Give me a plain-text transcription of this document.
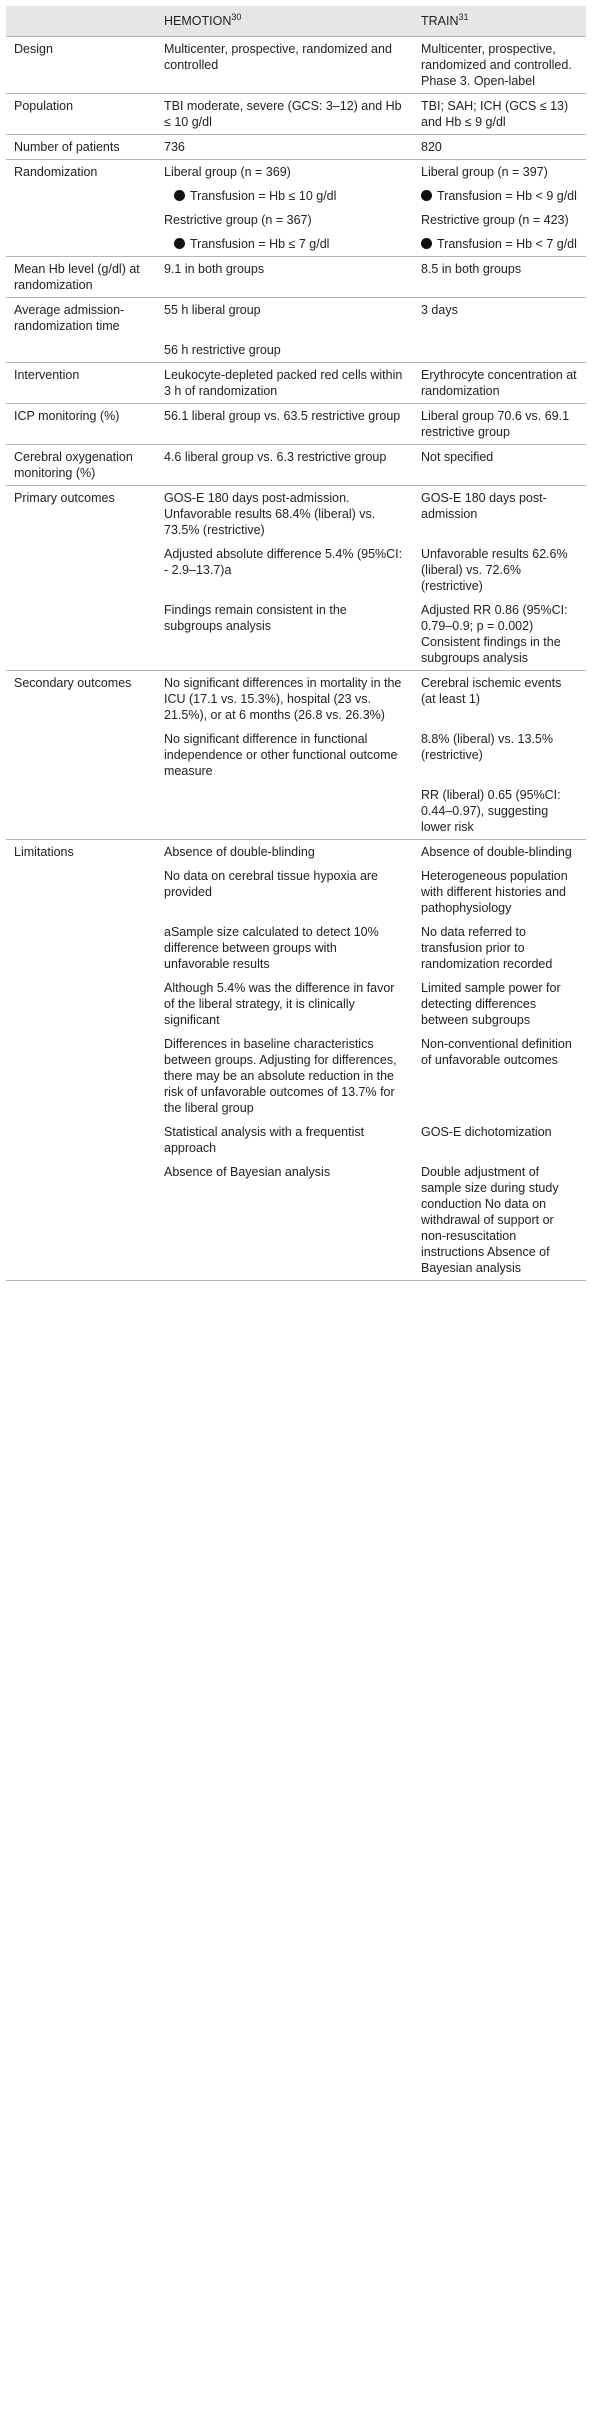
	HEMOTION$^{30}$	TRAIN$^{31}$
Design	Multicenter, prospective, randomized and controlled	Multicenter, prospective, randomized and controlled. Phase 3. Open-label
Population	TBI moderate, severe (GCS: 3–12) and Hb ≤ 10 g/dl	TBI; SAH; ICH (GCS ≤ 13) and Hb ≤ 9 g/dl
Number of patients	736	820
Randomization	Liberal group (n = 369)	Liberal group (n = 397)
	Transfusion = Hb ≤ 10 g/dl	Transfusion = Hb < 9 g/dl
	Restrictive group (n = 367)	Restrictive group (n = 423)
	Transfusion = Hb ≤ 7 g/dl	Transfusion = Hb < 7 g/dl
Mean Hb level (g/dl) at randomization	9.1 in both groups	8.5 in both groups
Average admission-randomization time	55 h liberal group	3 days
	56 h restrictive group	
Intervention	Leukocyte-depleted packed red cells within 3 h of randomization	Erythrocyte concentration at randomization
ICP monitoring (%)	56.1 liberal group vs. 63.5 restrictive group	Liberal group 70.6 vs. 69.1 restrictive group
Cerebral oxygenation monitoring (%)	4.6 liberal group vs. 6.3 restrictive group	Not specified
Primary outcomes	GOS-E 180 days post-admission. Unfavorable results 68.4% (liberal) vs. 73.5% (restrictive)	GOS-E 180 days post-admission
	Adjusted absolute difference 5.4% (95%CI: - 2.9–13.7)a	Unfavorable results 62.6% (liberal) vs. 72.6% (restrictive)
	Findings remain consistent in the subgroups analysis	Adjusted RR 0.86 (95%CI: 0.79–0.9; p = 0.002) Consistent findings in the subgroups analysis
Secondary outcomes	No significant differences in mortality in the ICU (17.1 vs. 15.3%), hospital (23 vs. 21.5%), or at 6 months (26.8 vs. 26.3%)	Cerebral ischemic events (at least 1)
	No significant difference in functional independence or other functional outcome measure	8.8% (liberal) vs. 13.5% (restrictive)
		RR (liberal) 0.65 (95%CI: 0.44–0.97), suggesting lower risk
Limitations	Absence of double-blinding	Absence of double-blinding
	No data on cerebral tissue hypoxia are provided	Heterogeneous population with different histories and pathophysiology
	aSample size calculated to detect 10% difference between groups with unfavorable results	No data referred to transfusion prior to randomization recorded
	Although 5.4% was the difference in favor of the liberal strategy, it is clinically significant	Limited sample power for detecting differences between subgroups
	Differences in baseline characteristics between groups. Adjusting for differences, there may be an absolute reduction in the risk of unfavorable outcomes of 13.7% for the liberal group	Non-conventional definition of unfavorable outcomes
	Statistical analysis with a frequentist approach	GOS-E dichotomization
	Absence of Bayesian analysis	Double adjustment of sample size during study conduction No data on withdrawal of support or non-resuscitation instructions Absence of Bayesian analysis
